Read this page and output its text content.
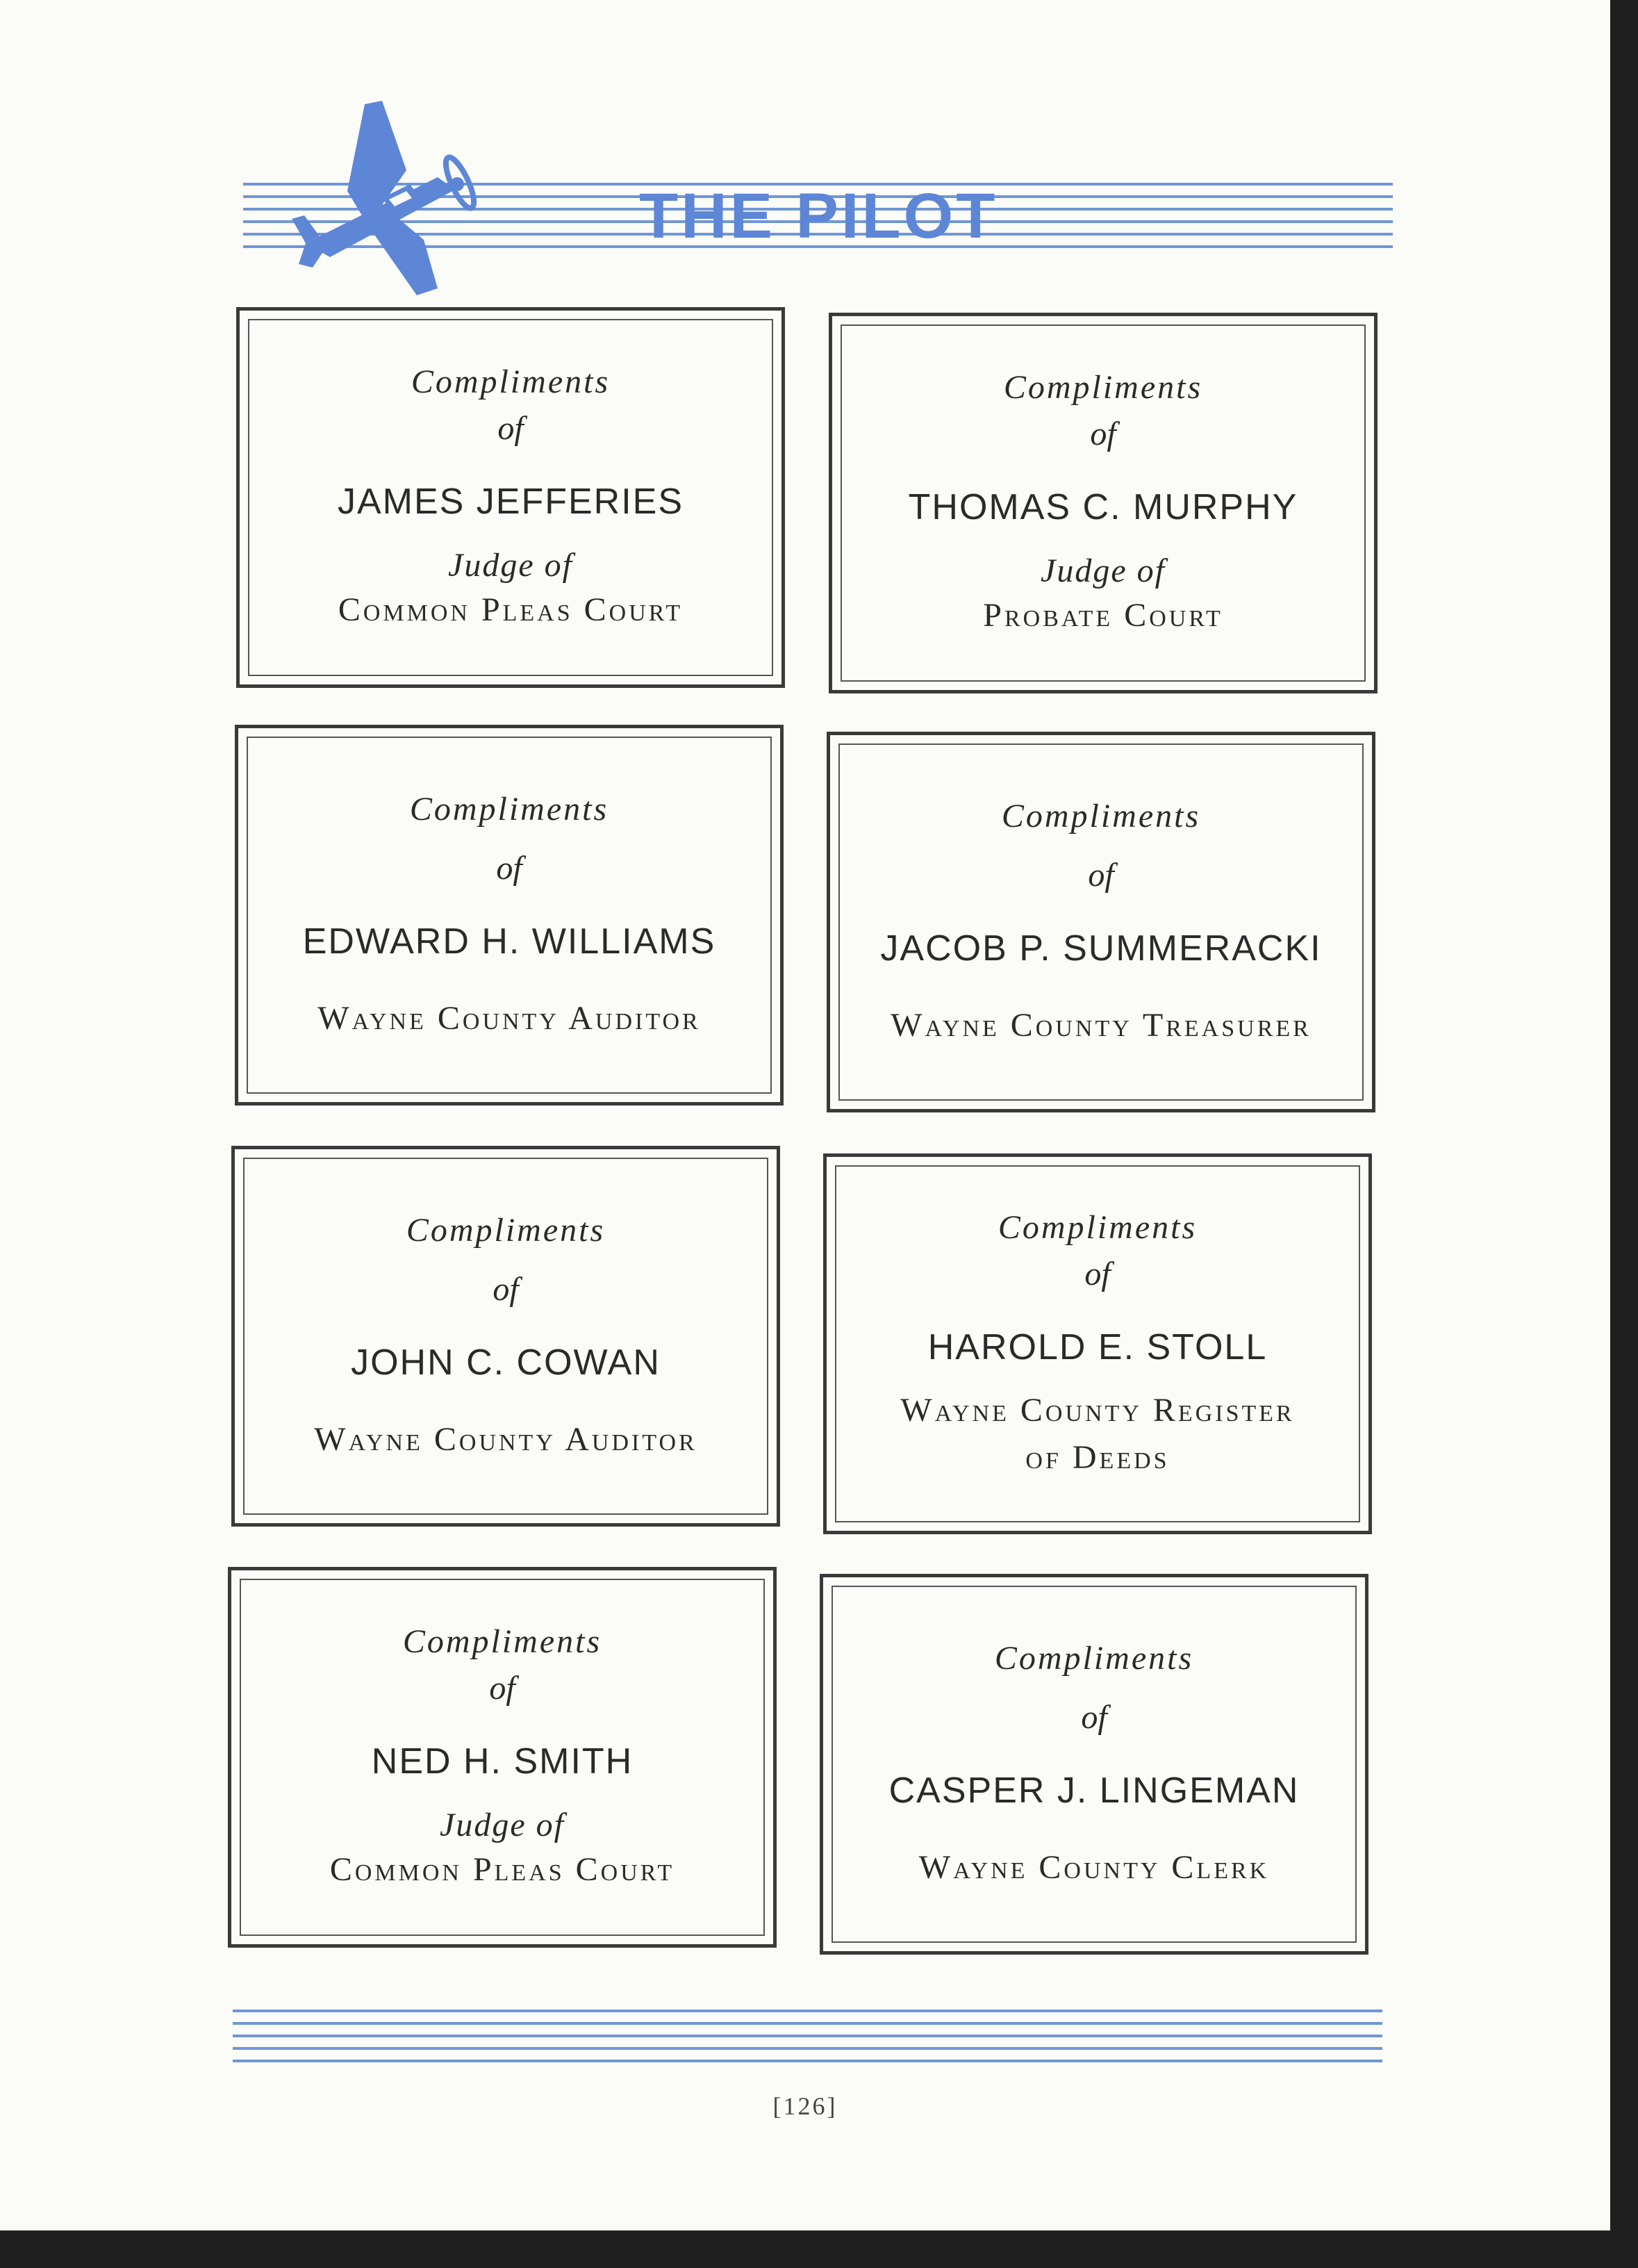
THE PILOT

Compliments

of

JAMES JEFFERIES

Judge of

Common Pleas Court

Compliments

of

THOMAS C. MURPHY

Judge of

Probate Court

Compliments

of

EDWARD H. WILLIAMS

Wayne County Auditor

Compliments

of

JACOB P. SUMMERACKI

Wayne County Treasurer

Compliments

of

JOHN C. COWAN

Wayne County Auditor

Compliments

of

HAROLD E. STOLL

Wayne County Register

of Deeds

Compliments

of

NED H. SMITH

Judge of

Common Pleas Court

Compliments

of

CASPER J. LINGEMAN

Wayne County Clerk

[126]
